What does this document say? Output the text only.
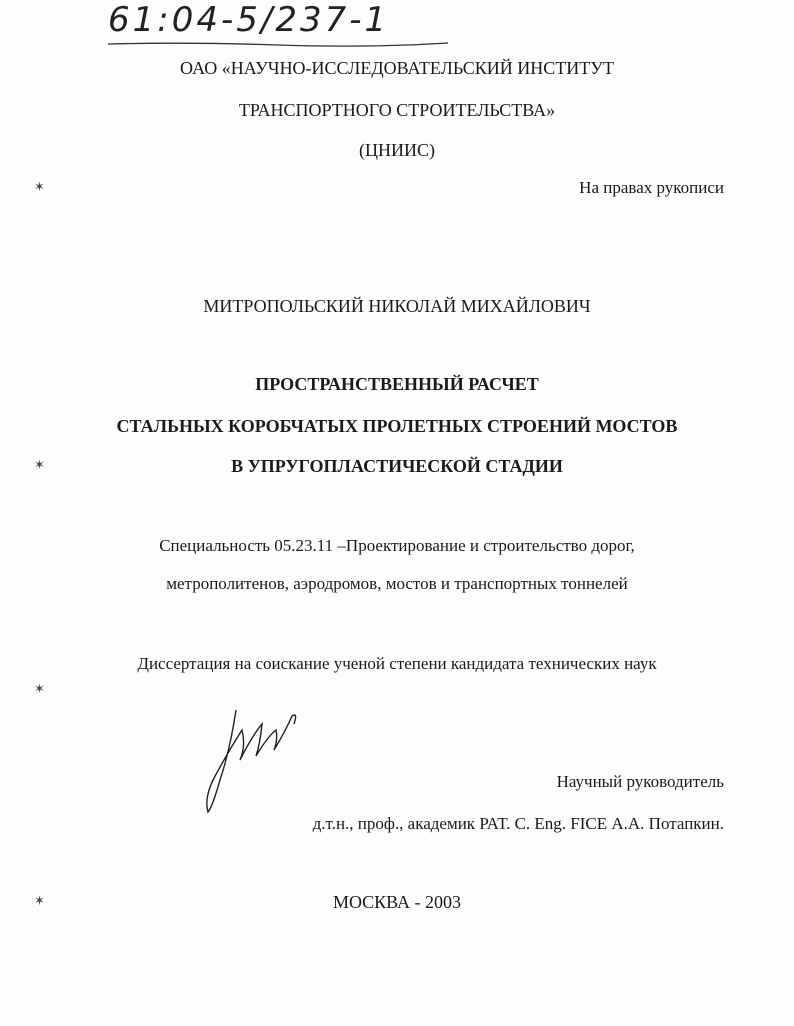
61:04-5/237-1
ОАО «НАУЧНО-ИССЛЕДОВАТЕЛЬСКИЙ ИНСТИТУТ
ТРАНСПОРТНОГО СТРОИТЕЛЬСТВА»
(ЦНИИС)
На правах рукописи
МИТРОПОЛЬСКИЙ НИКОЛАЙ МИХАЙЛОВИЧ
ПРОСТРАНСТВЕННЫЙ РАСЧЕТ
СТАЛЬНЫХ КОРОБЧАТЫХ ПРОЛЕТНЫХ СТРОЕНИЙ МОСТОВ
В УПРУГОПЛАСТИЧЕСКОЙ СТАДИИ
Специальность 05.23.11 –Проектирование и строительство дорог,
метрополитенов, аэродромов, мостов и транспортных тоннелей
Диссертация на соискание ученой степени кандидата технических наук
Научный руководитель
д.т.н., проф., академик РАТ. C. Eng. FICE А.А. Потапкин.
МОСКВА - 2003
✶
✶
✶
✶
